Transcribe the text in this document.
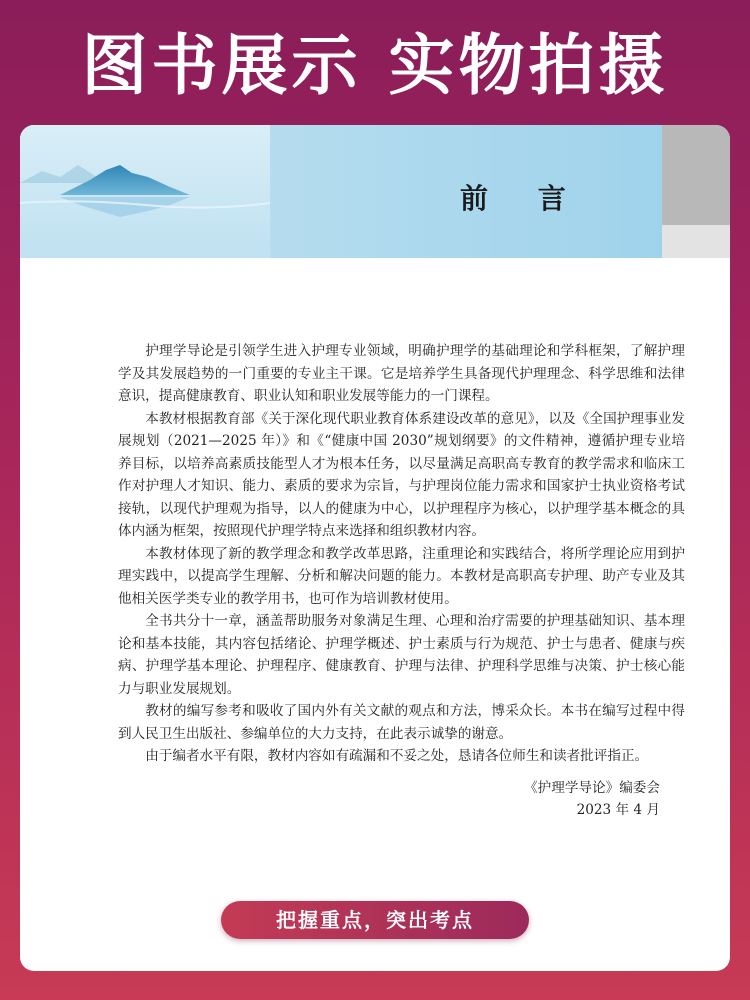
图书展示 实物拍摄
前 言

护理学导论是引领学生进入护理专业领域，明确护理学的基础理论和学科框架，了解护理学及其发展趋势的一门重要的专业主干课。它是培养学生具备现代护理理念、科学思维和法律意识，提高健康教育、职业认知和职业发展等能力的一门课程。

本教材根据教育部《关于深化现代职业教育体系建设改革的意见》，以及《全国护理事业发展规划（2021—2025 年）》和《“健康中国 2030”规划纲要》的文件精神，遵循护理专业培养目标，以培养高素质技能型人才为根本任务，以尽量满足高职高专教育的教学需求和临床工作对护理人才知识、能力、素质的要求为宗旨，与护理岗位能力需求和国家护士执业资格考试接轨，以现代护理观为指导，以人的健康为中心，以护理程序为核心，以护理学基本概念的具体内涵为框架，按照现代护理学特点来选择和组织教材内容。

本教材体现了新的教学理念和教学改革思路，注重理论和实践结合，将所学理论应用到护理实践中，以提高学生理解、分析和解决问题的能力。本教材是高职高专护理、助产专业及其他相关医学类专业的教学用书，也可作为培训教材使用。

全书共分十一章，涵盖帮助服务对象满足生理、心理和治疗需要的护理基础知识、基本理论和基本技能，其内容包括绪论、护理学概述、护士素质与行为规范、护士与患者、健康与疾病、护理学基本理论、护理程序、健康教育、护理与法律、护理科学思维与决策、护士核心能力与职业发展规划。

教材的编写参考和吸收了国内外有关文献的观点和方法，博采众长。本书在编写过程中得到人民卫生出版社、参编单位的大力支持，在此表示诚挚的谢意。

由于编者水平有限，教材内容如有疏漏和不妥之处，恳请各位师生和读者批评指正。

《护理学导论》编委会
2023 年 4 月
把握重点，突出考点
